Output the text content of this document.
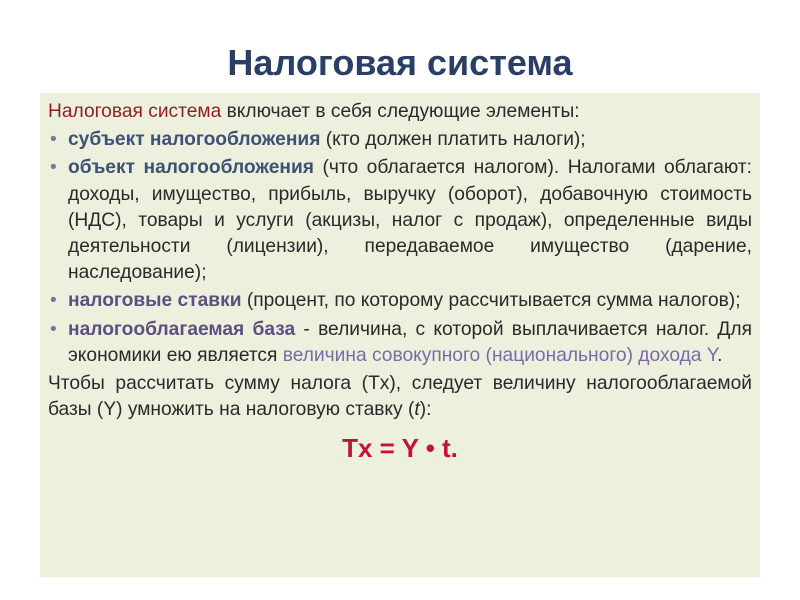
Налоговая система

Налоговая система включает в себя следующие элементы:

• субъект налогообложения (кто должен платить налоги);
• объект налогообложения (что облагается налогом). Налогами облагают: доходы, имущество, прибыль, выручку (оборот), добавочную стоимость (НДС), товары и услуги (акцизы, налог с продаж), определенные виды деятельности (лицензии), передаваемое имущество (дарение, наследование);
• налоговые ставки (процент, по которому рассчитывается сумма налогов);
• налогооблагаемая база - величина, с которой выплачивается налог. Для экономики ею является величина совокупного (национального) дохода Y.

Чтобы рассчитать сумму налога (Tx), следует величину налогооблагаемой базы (Y) умножить на налоговую ставку (t):

Tx = Y • t.
